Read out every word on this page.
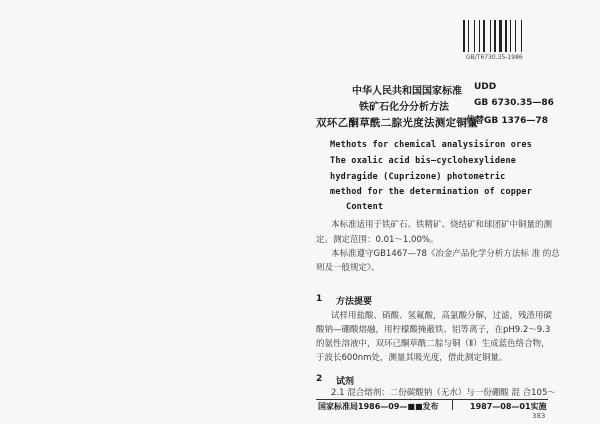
GB/T6730.35-1986
中华人民共和国国家标准 UDD
GB 6730.35—86
铁矿石化分分析方法
代替GB 1376—78
双环乙酮草酰二腙光度法测定铜量
Methots for chemical analysisiron ores
The oxalic acid bis—cyclohexylidene
hydragide (Cuprizone) photometric
method for the determination of copper
Content
本标准适用于铁矿石、铁精矿、烧结矿和球团矿中铜量的测
定。测定范围：0.01～1.00%。
本标准遵守GB1467—78《冶金产品化学分析方法标 准 的总
则及一般规定》。
1 方法提要
试样用盐酸、硝酸、氢氟酸，高氯酸分解，过滤，残渣用碳
酸钠—硼酸熔融，用柠檬酸掩蔽铁、铝等离子，在pH9.2～9.3
的氨性溶液中，双环己酮草酰二腙与铜（Ⅱ）生成蓝色络合物，
于波长600nm处，测量其吸光度，借此测定铜量。
2 试剂
2.1 混合熔剂：二份碳酸钠（无水）与一份硼酸 混 合105～
国家标准局1986—09—■■发布	1987—08—01实施
383
